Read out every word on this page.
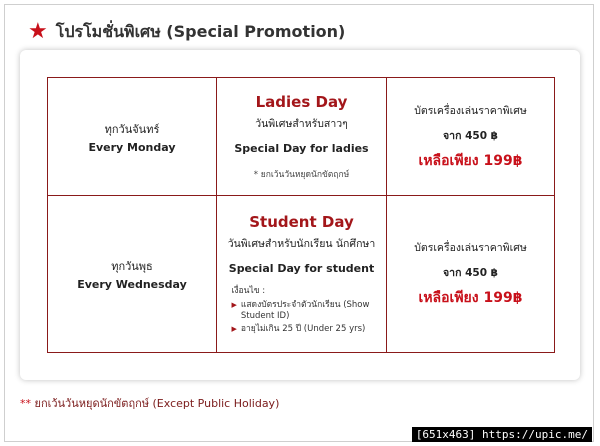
★ โปรโมชั่นพิเศษ (Special Promotion)
ทุกวันจันทร์
Every Monday
Ladies Day
วันพิเศษสำหรับสาวๆ
Special Day for ladies
* ยกเว้นวันหยุดนักขัตฤกษ์
บัตรเครื่องเล่นราคาพิเศษ
จาก 450 ฿
เหลือเพียง 199฿
ทุกวันพุธ
Every Wednesday
Student Day
วันพิเศษสำหรับนักเรียน นักศึกษา
Special Day for student
เงื่อนไข :
▶ แสดงบัตรประจำตัวนักเรียน (Show Student ID)
▶ อายุไม่เกิน 25 ปี (Under 25 yrs)
บัตรเครื่องเล่นราคาพิเศษ
จาก 450 ฿
เหลือเพียง 199฿
** ยกเว้นวันหยุดนักขัตฤกษ์ (Except Public Holiday)
[651x463] https://upic.me/
